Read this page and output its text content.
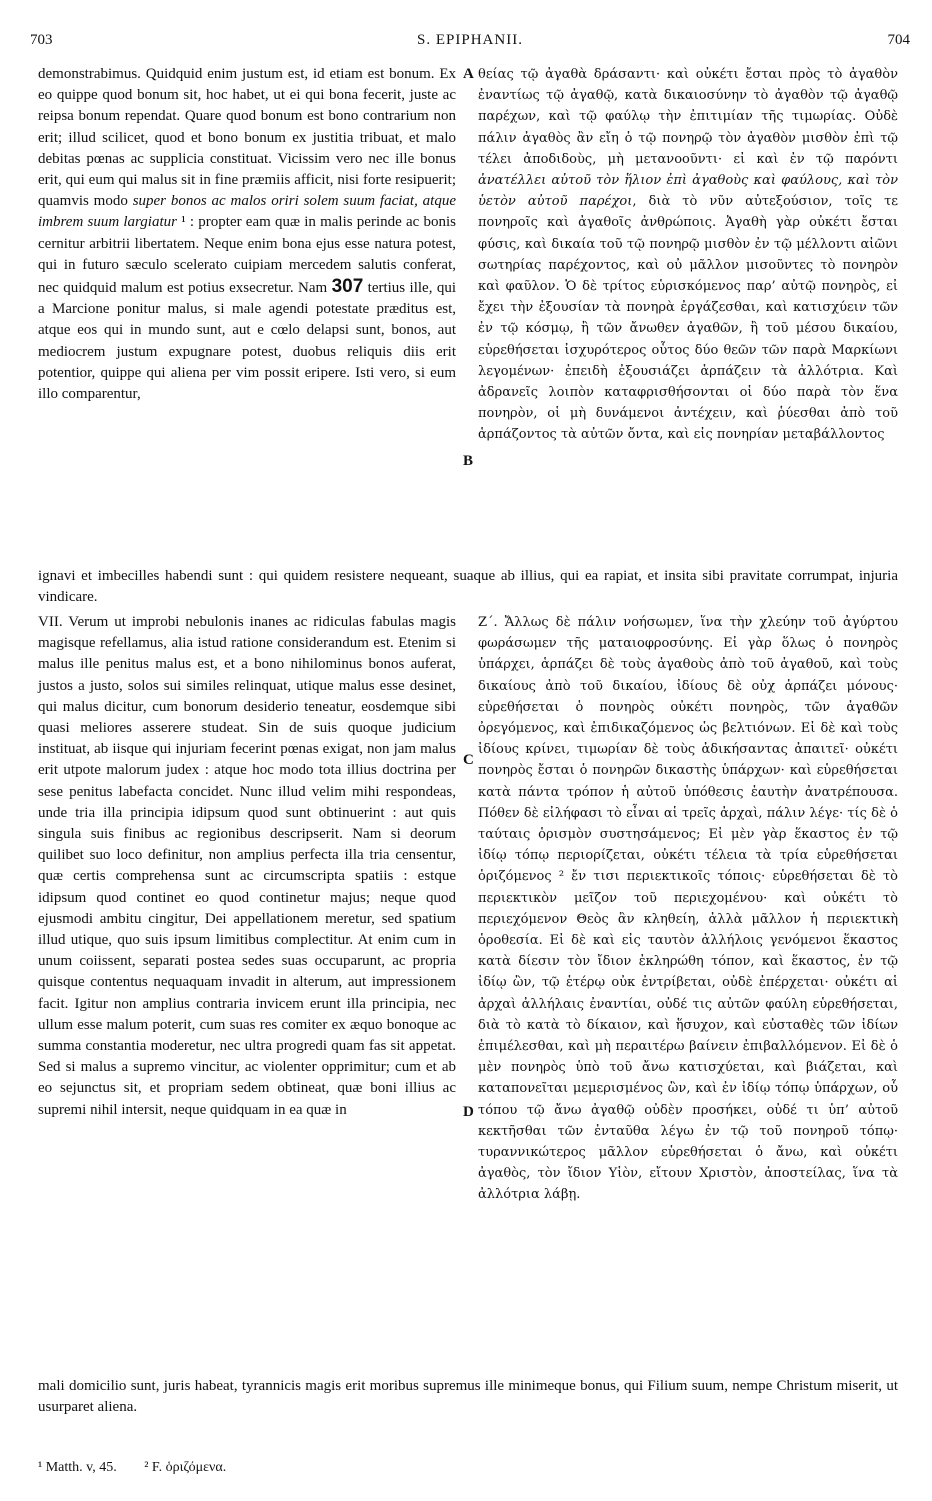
703	S. EPIPHANII.	704

demonstrabimus. Quidquid enim justum est, id etiam est bonum. Ex eo quippe quod bonum sit, hoc habet, ut ei qui bona fecerit, juste ac reipsa bonum rependat. Quare quod bonum est bono contrarium non erit; illud scilicet, quod et bono bonum ex justitia tribuat, et malo debitas pœnas ac supplicia constituat. Vicissim vero nec ille bonus erit, qui eum qui malus sit in fine præmiis afficit, nisi forte resipuerit; quamvis modo super bonos ac malos oriri solem suum faciat, atque imbrem suum largiatur ¹ : propter eam quæ in malis perinde ac bonis cernitur arbitrii libertatem. Neque enim bona ejus esse natura potest, qui in futuro sæculo scelerato cuipiam mercedem salutis conferat, nec quidquid malum est potius exsecretur. Nam 307 tertius ille, qui a Marcione ponitur malus, si male agendi potestate præditus est, atque eos qui in mundo sunt, aut e cœlo delapsi sunt, bonos, aut mediocrem justum expugnare potest, duobus reliquis diis erit potentior, quippe qui aliena per vim possit eripere. Isti vero, si eum illo comparentur,

A
B

θείας τῷ ἀγαθὰ δράσαντι· καὶ οὐκέτι ἔσται πρὸς τὸ ἀγαθὸν ἐναντίως τῷ ἀγαθῷ, κατὰ δικαιοσύνην τὸ ἀγαθὸν τῷ ἀγαθῷ παρέχων, καὶ τῷ φαύλῳ τὴν ἐπιτιμίαν τῆς τιμωρίας. Οὐδὲ πάλιν ἀγαθὸς ἂν εἴη ὁ τῷ πονηρῷ τὸν ἀγαθὸν μισθὸν ἐπὶ τῷ τέλει ἀποδιδοὺς, μὴ μετανοοῦντι· εἰ καὶ ἐν τῷ παρόντι ἀνατέλλει αὐτοῦ τὸν ἥλιον ἐπὶ ἀγαθοὺς καὶ φαύλους, καὶ τὸν ὑετὸν αὐτοῦ παρέχοι, διὰ τὸ νῦν αὐτεξούσιον, τοῖς τε πονηροῖς καὶ ἀγαθοῖς ἀνθρώποις. Ἀγαθὴ γὰρ οὐκέτι ἔσται φύσις, καὶ δικαία τοῦ τῷ πονηρῷ μισθὸν ἐν τῷ μέλλοντι αἰῶνι σωτηρίας παρέχοντος, καὶ οὐ μᾶλλον μισοῦντες τὸ πονηρὸν καὶ φαῦλον. Ὁ δὲ τρίτος εὑρισκόμενος παρ’ αὐτῷ πονηρὸς, εἰ ἔχει τὴν ἐξουσίαν τὰ πονηρὰ ἐργάζεσθαι, καὶ κατισχύειν τῶν ἐν τῷ κόσμῳ, ἢ τῶν ἄνωθεν ἀγαθῶν, ἢ τοῦ μέσου δικαίου, εὑρεθήσεται ἰσχυρότερος οὗτος δύο θεῶν τῶν παρὰ Μαρκίωνι λεγομένων· ἐπειδὴ ἐξουσιάζει ἁρπάζειν τὰ ἀλλότρια. Καὶ ἀδρανεῖς λοιπὸν καταφρισθήσονται οἱ δύο παρὰ τὸν ἕνα πονηρὸν, οἱ μὴ δυνάμενοι ἀντέχειν, καὶ ῥύεσθαι ἀπὸ τοῦ ἁρπάζοντος τὰ αὐτῶν ὄντα, καὶ εἰς πονηρίαν μεταβάλλοντος

ignavi et imbecilles habendi sunt : qui quidem resistere nequeant, suaque ab illius, qui ea rapiat, et insita sibi pravitate corrumpat, injuria vindicare.

VII. Verum ut improbi nebulonis inanes ac ridiculas fabulas magis magisque refellamus, alia istud ratione considerandum est. Etenim si malus ille penitus malus est, et a bono nihilominus bonos auferat, justos a justo, solos sui similes relinquat, utique malus esse desinet, qui malus dicitur, cum bonorum desiderio teneatur, eosdemque sibi quasi meliores asserere studeat. Sin de suis quoque judicium instituat, ab iisque qui injuriam fecerint pœnas exigat, non jam malus erit utpote malorum judex : atque hoc modo tota illius doctrina per sese penitus labefacta concidet. Nunc illud velim mihi respondeas, unde tria illa principia idipsum quod sunt obtinuerint : aut quis singula suis finibus ac regionibus descripserit. Nam si deorum quilibet suo loco definitur, non amplius perfecta illa tria censentur, quæ certis comprehensa sunt ac circumscripta spatiis : estque idipsum quod continet eo quod continetur majus; neque quod ejusmodi ambitu cingitur, Dei appellationem meretur, sed spatium illud utique, quo suis ipsum limitibus complectitur. At enim cum in unum coiissent, separati postea sedes suas occuparunt, ac propria quisque contentus nequaquam invadit in alterum, aut impressionem facit. Igitur non amplius contraria invicem erunt illa principia, nec ullum esse malum poterit, cum suas res comiter ex æquo bonoque ac summa constantia moderetur, nec ultra progredi quam fas sit appetat. Sed si malus a supremo vincitur, ac violenter opprimitur; cum et ab eo sejunctus sit, et propriam sedem obtineat, quæ boni illius ac supremi nihil intersit, neque quidquam in ea quæ in

C
D

Ζ΄. Ἄλλως δὲ πάλιν νοήσωμεν, ἵνα τὴν χλεύην τοῦ ἀγύρτου φωράσωμεν τῆς ματαιοφροσύνης. Εἰ γὰρ ὅλως ὁ πονηρὸς ὑπάρχει, ἁρπάζει δὲ τοὺς ἀγαθοὺς ἀπὸ τοῦ ἀγαθοῦ, καὶ τοὺς δικαίους ἀπὸ τοῦ δικαίου, ἰδίους δὲ οὐχ ἁρπάζει μόνους· εὑρεθήσεται ὁ πονηρὸς οὐκέτι πονηρὸς, τῶν ἀγαθῶν ὀρεγόμενος, καὶ ἐπιδικαζόμενος ὡς βελτιόνων. Εἰ δὲ καὶ τοὺς ἰδίους κρίνει, τιμωρίαν δὲ τοὺς ἀδικήσαντας ἀπαιτεῖ· οὐκέτι πονηρὸς ἔσται ὁ πονηρῶν δικαστὴς ὑπάρχων· καὶ εὑρεθήσεται κατὰ πάντα τρόπον ἡ αὐτοῦ ὑπόθεσις ἑαυτὴν ἀνατρέπουσα. Πόθεν δὲ εἰλήφασι τὸ εἶναι αἱ τρεῖς ἀρχαὶ, πάλιν λέγε· τίς δὲ ὁ ταύταις ὁρισμὸν συστησάμενος; Εἰ μὲν γὰρ ἕκαστος ἐν τῷ ἰδίῳ τόπῳ περιορίζεται, οὐκέτι τέλεια τὰ τρία εὑρεθήσεται ὁριζόμενος ² ἔν τισι περιεκτικοῖς τόποις· εὑρεθήσεται δὲ τὸ περιεκτικὸν μεῖζον τοῦ περιεχομένου· καὶ οὐκέτι τὸ περιεχόμενον Θεὸς ἂν κληθείη, ἀλλὰ μᾶλλον ἡ περιεκτικὴ ὁροθεσία. Εἰ δὲ καὶ εἰς ταυτὸν ἀλλήλοις γενόμενοι ἕκαστος κατὰ δίεσιν τὸν ἴδιον ἐκληρώθη τόπον, καὶ ἕκαστος, ἐν τῷ ἰδίῳ ὢν, τῷ ἑτέρῳ οὐκ ἐντρίβεται, οὐδὲ ἐπέρχεται· οὐκέτι αἱ ἀρχαὶ ἀλλήλαις ἐναντίαι, οὐδέ τις αὐτῶν φαύλη εὑρεθήσεται, διὰ τὸ κατὰ τὸ δίκαιον, καὶ ἥσυχον, καὶ εὐσταθὲς τῶν ἰδίων ἐπιμέλεσθαι, καὶ μὴ περαιτέρω βαίνειν ἐπιβαλλόμενον. Εἰ δὲ ὁ μὲν πονηρὸς ὑπὸ τοῦ ἄνω κατισχύεται, καὶ βιάζεται, καὶ καταπονεῖται μεμερισμένος ὢν, καὶ ἐν ἰδίῳ τόπῳ ὑπάρχων, οὗ τόπου τῷ ἄνω ἀγαθῷ οὐδὲν προσήκει, οὐδέ τι ὑπ’ αὐτοῦ κεκτῆσθαι τῶν ἐνταῦθα λέγω ἐν τῷ τοῦ πονηροῦ τόπῳ· τυραννικώτερος μᾶλλον εὑρεθήσεται ὁ ἄνω, καὶ οὐκέτι ἀγαθὸς, τὸν ἴδιον Υἱὸν, εἴτουν Χριστὸν, ἀποστείλας, ἵνα τὰ ἀλλότρια λάβῃ.

mali domicilio sunt, juris habeat, tyrannicis magis erit moribus supremus ille minimeque bonus, qui Filium suum, nempe Christum miserit, ut usurparet aliena.
¹ Matth. v, 45. ² F. ὁριζόμενα.
